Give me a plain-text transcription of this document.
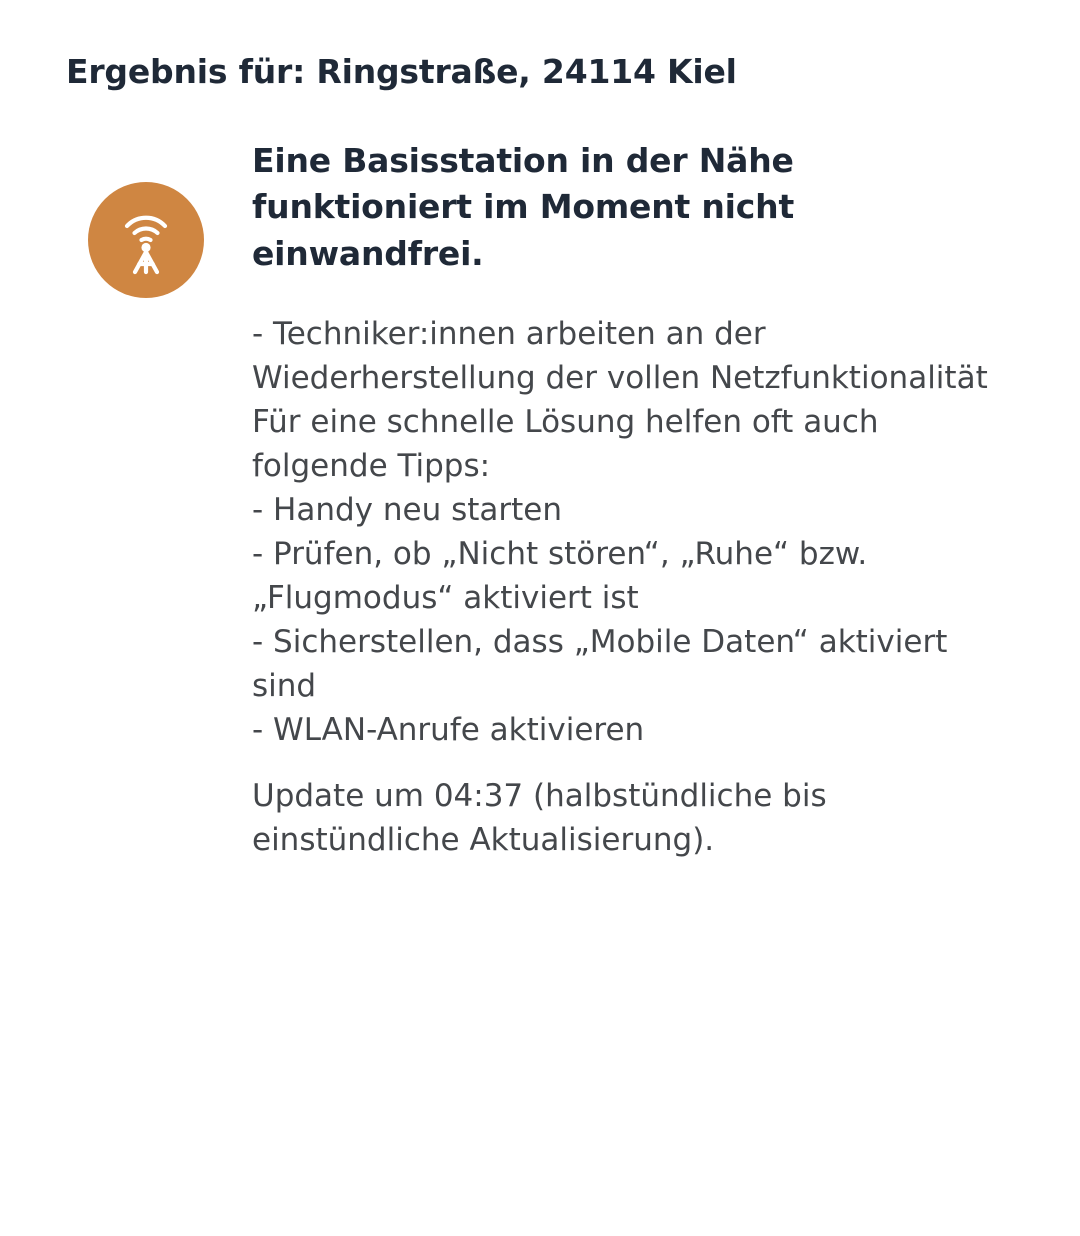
Ergebnis für: Ringstraße, 24114 Kiel

Eine Basisstation in der Nähe funktioniert im Moment nicht einwandfrei.

- Techniker:innen arbeiten an der Wiederherstellung der vollen Netzfunktionalität

Für eine schnelle Lösung helfen oft auch folgende Tipps:

- Handy neu starten

- Prüfen, ob „Nicht stören“, „Ruhe“ bzw. „Flugmodus“ aktiviert ist

- Sicherstellen, dass „Mobile Daten“ aktiviert sind

- WLAN-Anrufe aktivieren

Update um 04:37 (halbstündliche bis einstündliche Aktualisierung).
